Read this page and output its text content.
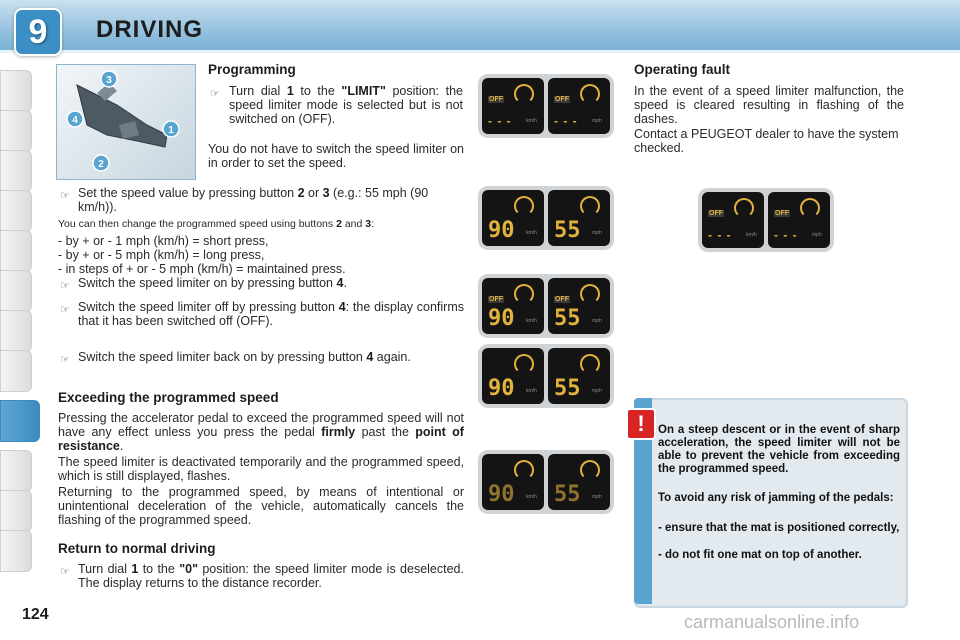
9	DRIVING
3
4
1
2
Programming
☞ Turn dial 1 to the "LIMIT" position: the speed limiter mode is selected but is not switched on (OFF).
You do not have to switch the speed limiter on in order to set the speed.
☞ Set the speed value by pressing button 2 or 3 (e.g.: 55 mph (90 km/h)).
You can then change the programmed speed using buttons 2 and 3:
- by + or - 1 mph (km/h) = short press,
- by + or - 5 mph (km/h) = long press,
- in steps of + or - 5 mph (km/h) = maintained press.
☞ Switch the speed limiter on by pressing button 4.
☞ Switch the speed limiter off by pressing button 4: the display confirms that it has been switched off (OFF).
☞ Switch the speed limiter back on by pressing button 4 again.
Exceeding the programmed speed
Pressing the accelerator pedal to exceed the programmed speed will not have any effect unless you press the pedal firmly past the point of resistance.
The speed limiter is deactivated temporarily and the programmed speed, which is still displayed, flashes.
Returning to the programmed speed, by means of intentional or unintentional deceleration of the vehicle, automatically cancels the flashing of the programmed speed.
Return to normal driving
☞ Turn dial 1 to the "0" position: the speed limiter mode is deselected. The display returns to the distance recorder.
OFF
- - -	km/h
OFF
- - -	mph
90 km/h 55 mph
OFF
90 km/h
OFF
55 mph
90 km/h 55 mph
90 km/h 55 mph
Operating fault
In the event of a speed limiter malfunction, the speed is cleared resulting in flashing of the dashes.
Contact a PEUGEOT dealer to have the system checked.
OFF
- - -	km/h
OFF
- - -	mph
!	On a steep descent or in the event of sharp acceleration, the speed limiter will not be able to prevent the vehicle from exceeding the programmed speed.
To avoid any risk of jamming of the pedals:
- ensure that the mat is positioned correctly,
- do not fit one mat on top of another.
124	carmanualsonline.info
